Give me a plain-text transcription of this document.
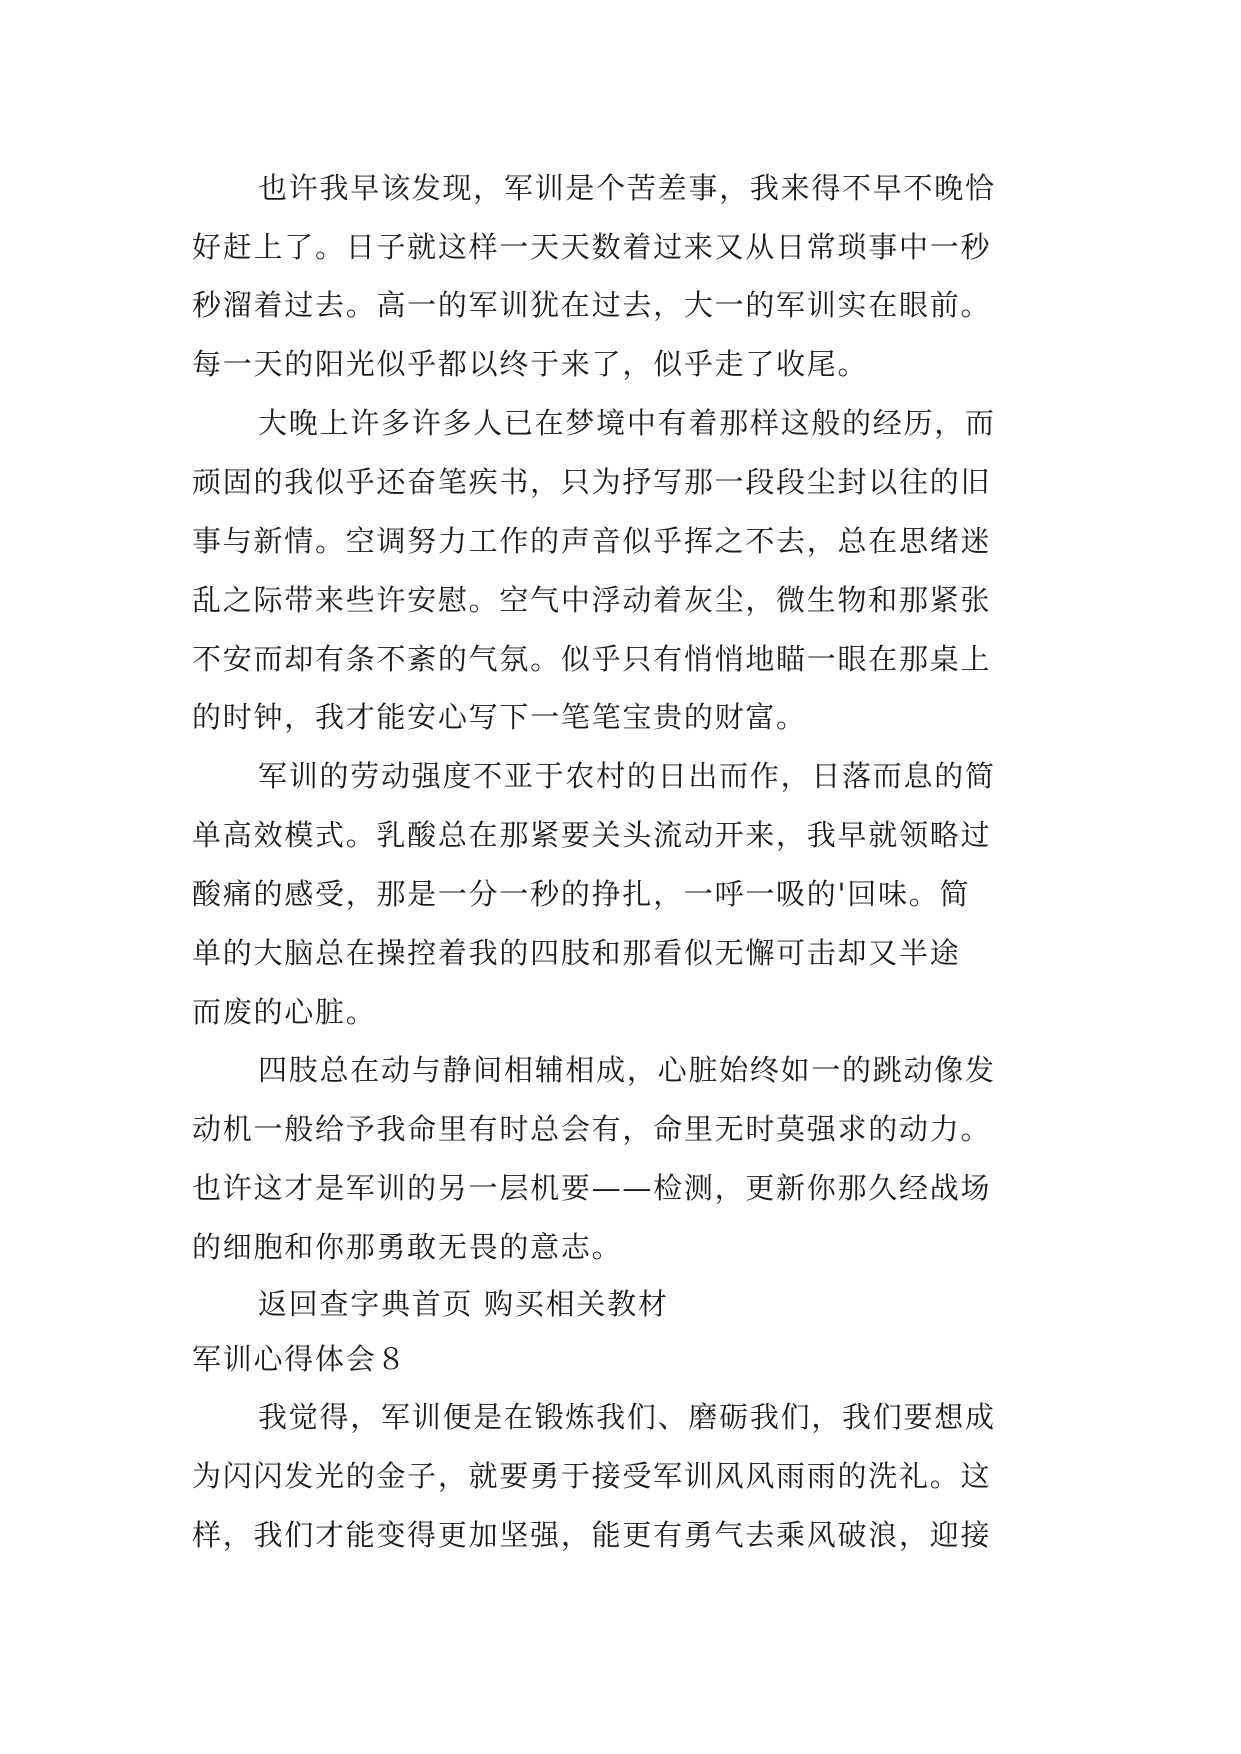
也许我早该发现，军训是个苦差事，我来得不早不晚恰
好赶上了。日子就这样一天天数着过来又从日常琐事中一秒
秒溜着过去。高一的军训犹在过去，大一的军训实在眼前。
每一天的阳光似乎都以终于来了，似乎走了收尾。
大晚上许多许多人已在梦境中有着那样这般的经历，而
顽固的我似乎还奋笔疾书，只为抒写那一段段尘封以往的旧
事与新情。空调努力工作的声音似乎挥之不去，总在思绪迷
乱之际带来些许安慰。空气中浮动着灰尘，微生物和那紧张
不安而却有条不紊的气氛。似乎只有悄悄地瞄一眼在那桌上
的时钟，我才能安心写下一笔笔宝贵的财富。
军训的劳动强度不亚于农村的日出而作，日落而息的简
单高效模式。乳酸总在那紧要关头流动开来，我早就领略过
酸痛的感受，那是一分一秒的挣扎，一呼一吸的'回味。简
单的大脑总在操控着我的四肢和那看似无懈可击却又半途
而废的心脏。
四肢总在动与静间相辅相成，心脏始终如一的跳动像发
动机一般给予我命里有时总会有，命里无时莫强求的动力。
也许这才是军训的另一层机要——检测，更新你那久经战场
的细胞和你那勇敢无畏的意志。
返回查字典首页 购买相关教材
军训心得体会８
我觉得，军训便是在锻炼我们、磨砺我们，我们要想成
为闪闪发光的金子，就要勇于接受军训风风雨雨的洗礼。这
样，我们才能变得更加坚强，能更有勇气去乘风破浪，迎接
